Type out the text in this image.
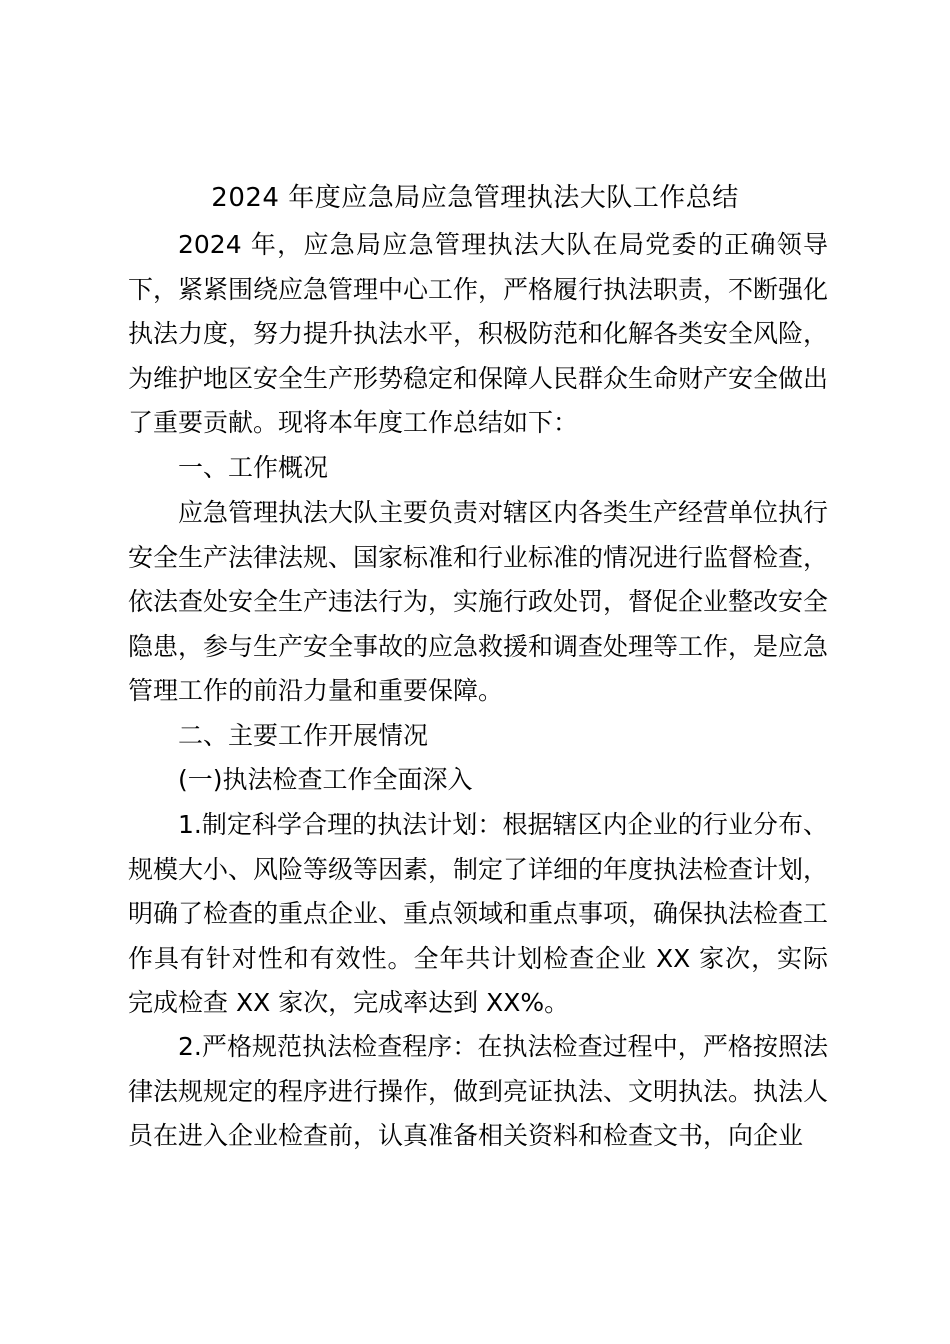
2024 年度应急局应急管理执法大队工作总结

2024 年，应急局应急管理执法大队在局党委的正确领导下，紧紧围绕应急管理中心工作，严格履行执法职责，不断强化执法力度，努力提升执法水平，积极防范和化解各类安全风险，为维护地区安全生产形势稳定和保障人民群众生命财产安全做出了重要贡献。现将本年度工作总结如下：

一、工作概况

应急管理执法大队主要负责对辖区内各类生产经营单位执行安全生产法律法规、国家标准和行业标准的情况进行监督检查，依法查处安全生产违法行为，实施行政处罚，督促企业整改安全隐患，参与生产安全事故的应急救援和调查处理等工作，是应急管理工作的前沿力量和重要保障。

二、主要工作开展情况
(一)执法检查工作全面深入

1.制定科学合理的执法计划：根据辖区内企业的行业分布、规模大小、风险等级等因素，制定了详细的年度执法检查计划，明确了检查的重点企业、重点领域和重点事项，确保执法检查工作具有针对性和有效性。全年共计划检查企业 XX 家次，实际完成检查 XX 家次，完成率达到 XX%。

2.严格规范执法检查程序：在执法检查过程中，严格按照法律法规规定的程序进行操作，做到亮证执法、文明执法。执法人员在进入企业检查前，认真准备相关资料和检查文书，向企业
